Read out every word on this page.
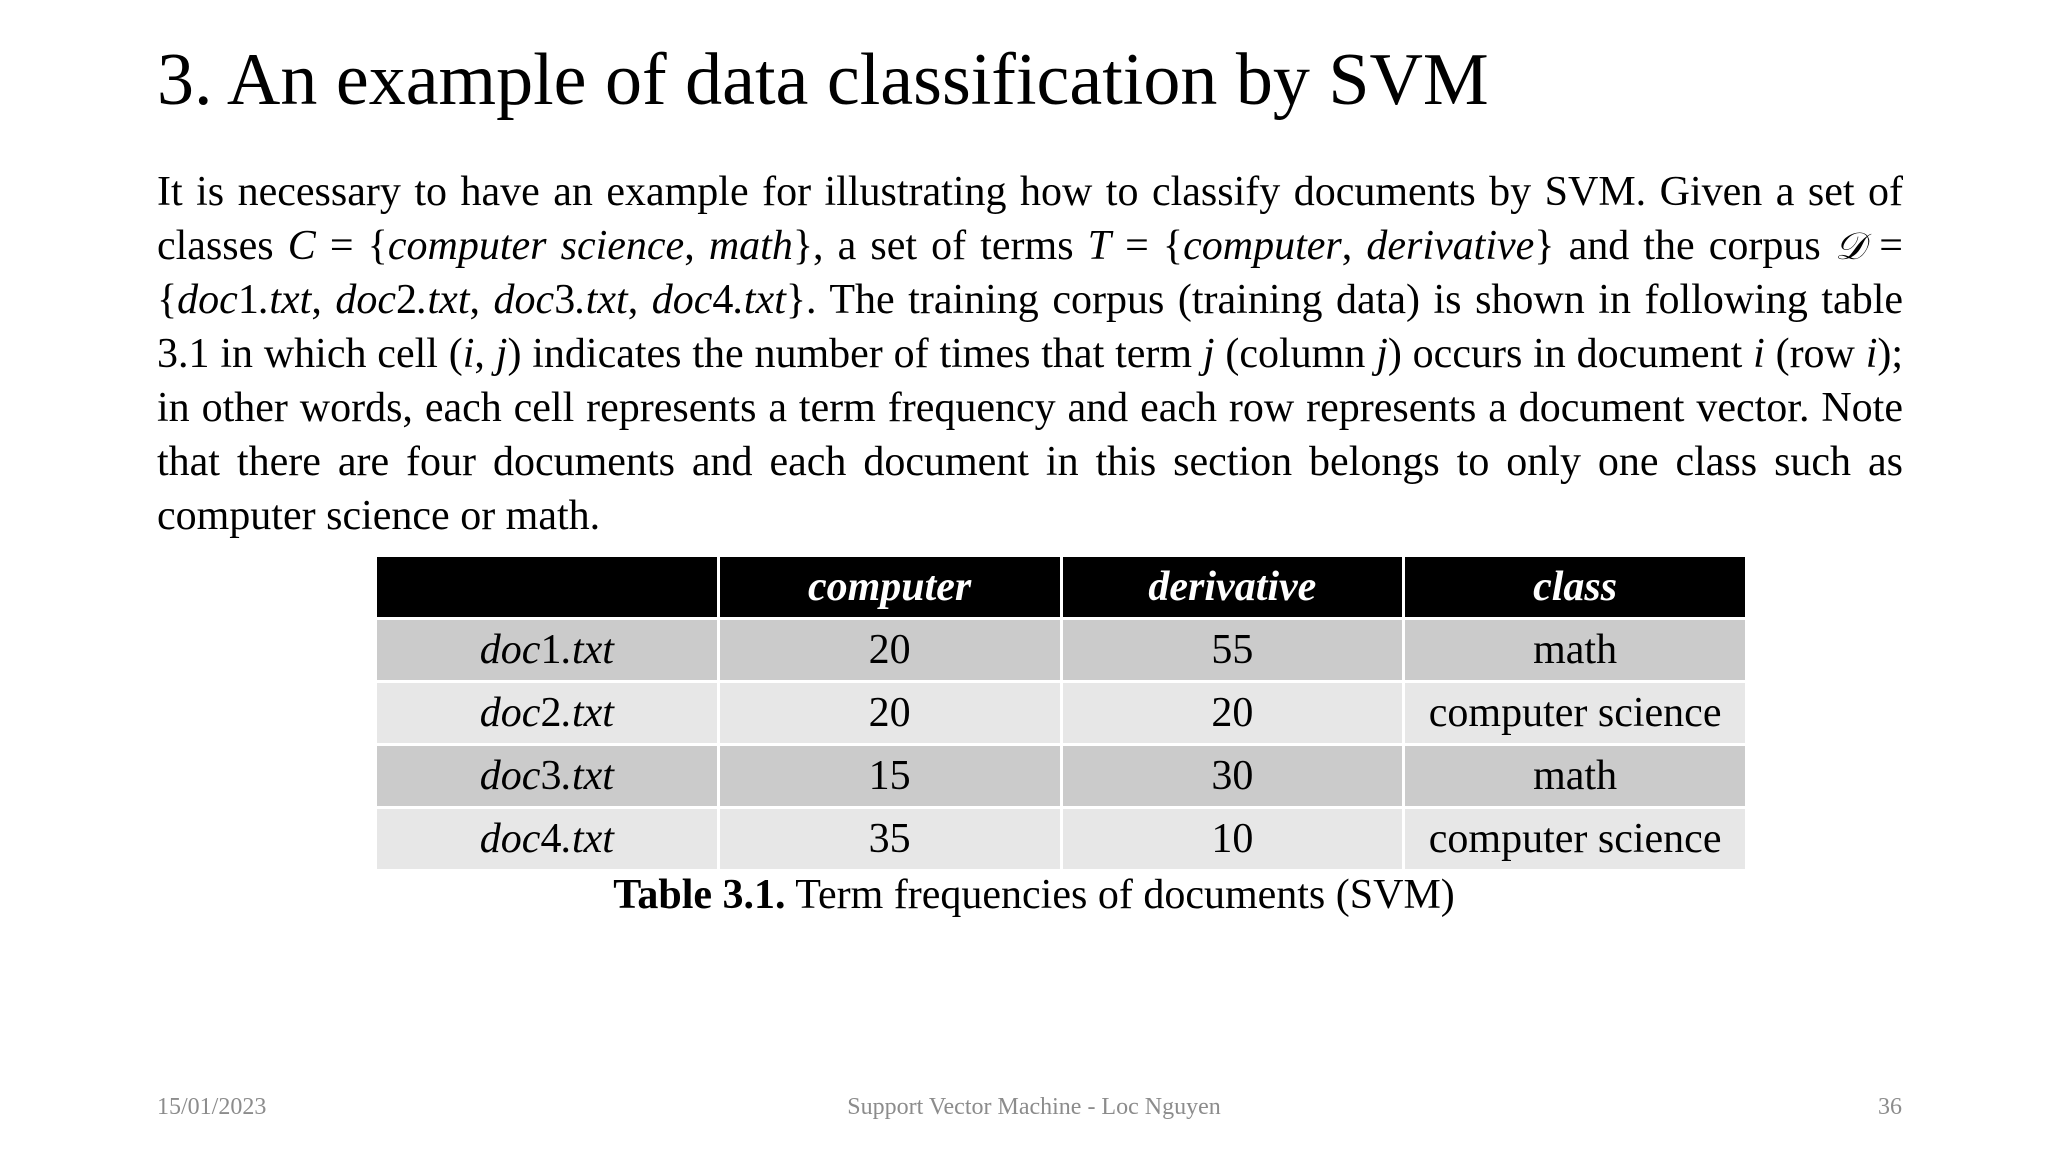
3. An example of data classification by SVM
It is necessary to have an example for illustrating how to classify documents by SVM. Given a set of classes C = {computer science, math}, a set of terms T = {computer, derivative} and the corpus 𝒟 = {doc1.txt, doc2.txt, doc3.txt, doc4.txt}. The training corpus (training data) is shown in following table 3.1 in which cell (i, j) indicates the number of times that term j (column j) occurs in document i (row i); in other words, each cell represents a term frequency and each row represents a document vector. Note that there are four documents and each document in this section belongs to only one class such as computer science or math.
	computer	derivative	class
doc1.txt	20	55	math
doc2.txt	20	20	computer science
doc3.txt	15	30	math
doc4.txt	35	10	computer science
Table 3.1. Term frequencies of documents (SVM)
15/01/2023	Support Vector Machine - Loc Nguyen	36
